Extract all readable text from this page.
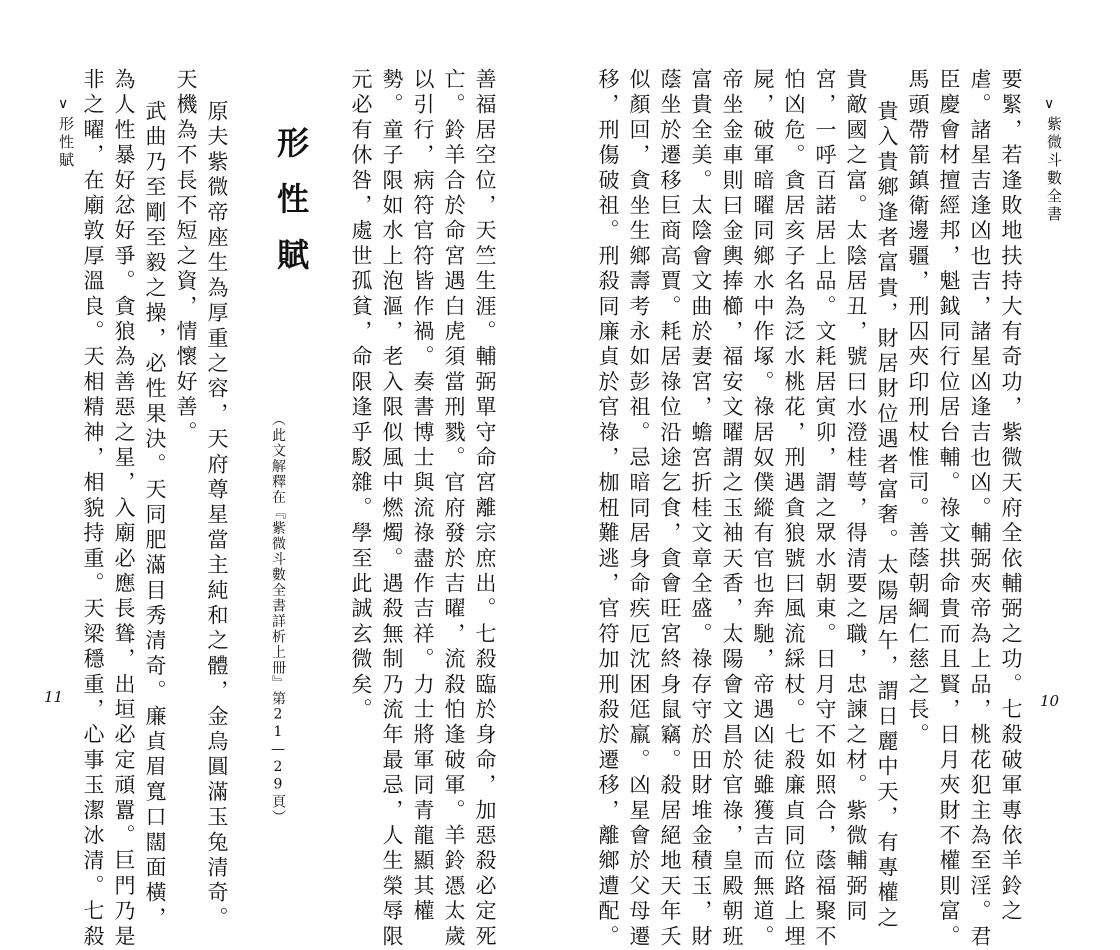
∨
形性賦	善福居空位，天竺生涯。輔弼單守命宮離宗庶出。七殺臨於身命，加惡殺必定死
亡。鈴羊合於命宮遇白虎須當刑戮。官府發於吉曜，流殺怕逢破軍。羊鈴憑太歲
以引行，病符官符皆作禍。奏書博士與流祿盡作吉祥。力士將軍同青龍顯其權
勢。童子限如水上泡漚，老入限似風中燃燭。遇殺無制乃流年最忌，人生榮辱限
元必有休咎，處世孤貧，命限逢乎駁雜。學至此誠玄微矣。
形性賦
（此文解釋在『紫微斗數全書詳析上冊』第21—29頁）
原夫紫微帝座生為厚重之容，天府尊星當主純和之體，金烏圓滿玉兔清奇。
天機為不長不短之資，情懷好善。
武曲乃至剛至毅之操，必性果決。天同肥滿目秀清奇。廉貞眉寬口闊面橫，
為人性暴好忿好爭。貪狼為善惡之星，入廟必應長聳，出垣必定頑囂。巨門乃是
非之曜，在廟敦厚溫良。天相精神，相貌持重。天梁穩重，心事玉潔冰清。七殺
11
∨
紫微斗數全書
要緊，若逢敗地扶持大有奇功，紫微天府全依輔弼之功。七殺破軍專依羊鈴之
虐。諸星吉逢凶也吉，諸星凶逢吉也凶。輔弼夾帝為上品，桃花犯主為至淫。君
臣慶會材擅經邦，魁鉞同行位居台輔。祿文拱命貴而且賢，日月夾財不權則富。
馬頭帶箭鎮衛邊疆，刑囚夾印刑杖惟司。善蔭朝綱仁慈之長。
貴入貴鄉逢者富貴，財居財位遇者富奢。太陽居午，謂日麗中天，有專權之
貴敵國之富。太陰居丑，號曰水澄桂萼，得清要之職，忠諫之材。紫微輔弼同
宮，一呼百諾居上品。文耗居寅卯，謂之眾水朝東。日月守不如照合，蔭福聚不
怕凶危。貪居亥子名為泛水桃花，刑遇貪狼號曰風流綵杖。七殺廉貞同位路上埋
屍，破軍暗曜同鄉水中作塚。祿居奴僕縱有官也奔馳，帝遇凶徒雖獲吉而無道。
帝坐金車則曰金輿捧櫛，福安文曜謂之玉袖天香，太陽會文昌於官祿，皇殿朝班
富貴全美。太陰會文曲於妻宮，蟾宮折桂文章全盛。祿存守於田財堆金積玉，財
蔭坐於遷移巨商高賈。耗居祿位沿途乞食，貪會旺宮終身鼠竊。殺居絕地天年夭
似顏回，貪坐生鄉壽考永如彭祖。忌暗同居身命疾厄沈困尩羸。凶星會於父母遷
移，刑傷破祖。刑殺同廉貞於官祿，枷杻難逃，官符加刑殺於遷移，離鄉遭配。	10
